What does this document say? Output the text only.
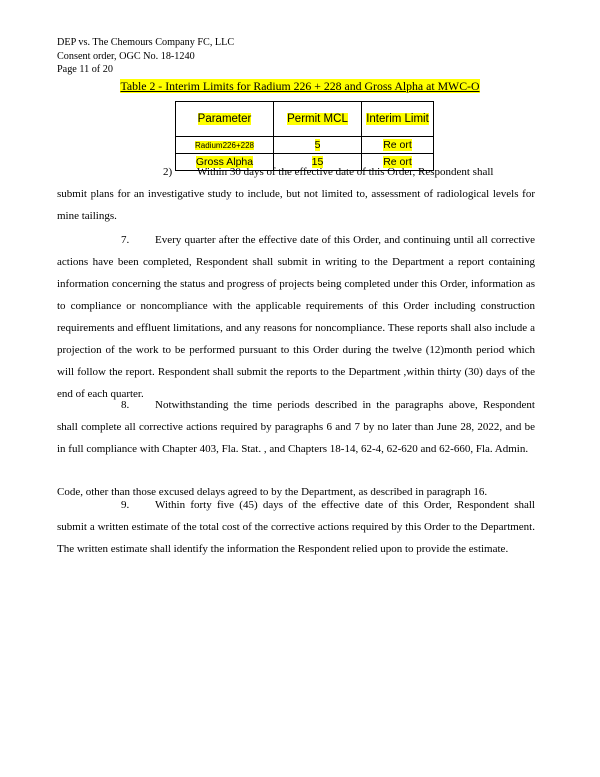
DEP vs. The Chemours Company FC, LLC
Consent order, OGC No. 18-1240
Page 11 of 20
Table 2 - Interim Limits for Radium 226 + 228 and Gross Alpha at MWC-O
Parameter	Permit MCL	Interim Limit
Radium226+228	5	Re ort
Gross Alpha	15	Re ort

2) Within 30 days of the effective date of this Order, Respondent shall

submit plans for an investigative study to include, but not limited to, assessment of radiological levels for mine tailings.

7. Every quarter after the effective date of this Order, and continuing until all corrective actions have been completed, Respondent shall submit in writing to the Department a report containing information concerning the status and progress of projects being completed under this Order, information as to compliance or noncompliance with the applicable requirements of this Order including construction requirements and effluent limitations, and any reasons for noncompliance. These reports shall also include a projection of the work to be performed pursuant to this Order during the twelve (12)month period which will follow the report. Respondent shall submit the reports to the Department ,within thirty (30) days of the end of each quarter.

8. Notwithstanding the time periods described in the paragraphs above, Respondent shall complete all corrective actions required by paragraphs 6 and 7 by no later than June 28, 2022, and be in full compliance with Chapter 403, Fla. Stat. , and Chapters 18-14, 62-4, 62-620 and 62-660, Fla. Admin.

Code, other than those excused delays agreed to by the Department, as described in paragraph 16.

9. Within forty five (45) days of the effective date of this Order, Respondent shall submit a written estimate of the total cost of the corrective actions required by this Order to the Department. The written estimate shall identify the information the Respondent relied upon to provide the estimate.
